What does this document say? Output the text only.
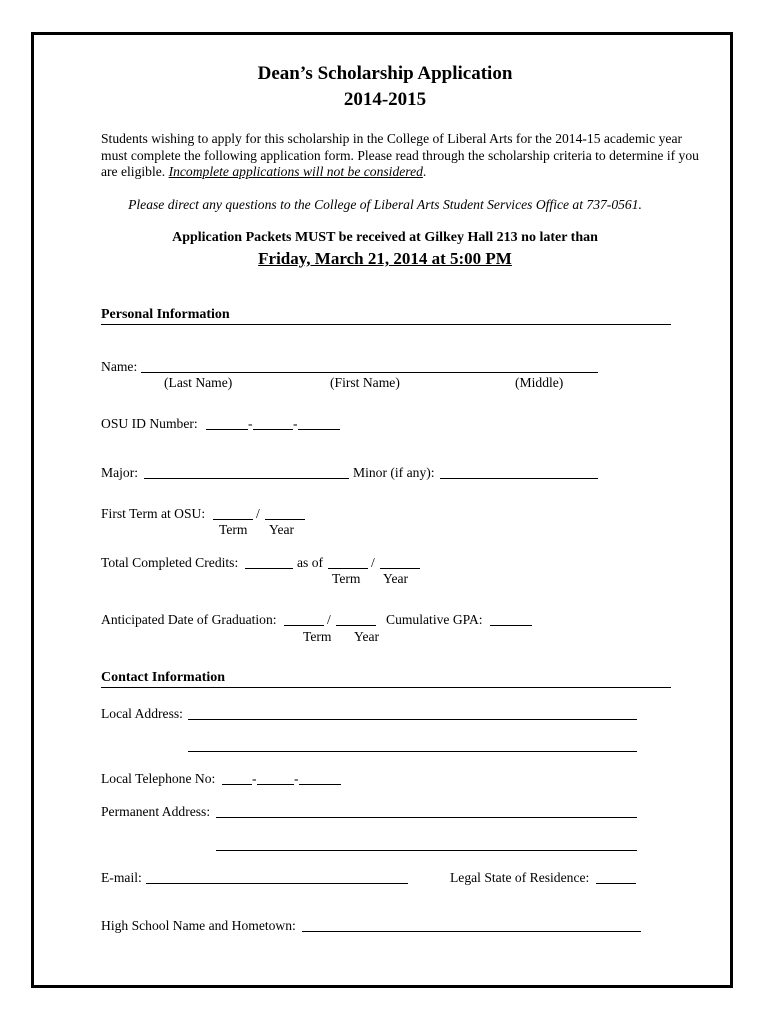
Dean’s Scholarship Application
2014-2015
Students wishing to apply for this scholarship in the College of Liberal Arts for the 2014-15 academic year must complete the following application form. Please read through the scholarship criteria to determine if you are eligible. Incomplete applications will not be considered.
Please direct any questions to the College of Liberal Arts Student Services Office at 737-0561.
Application Packets MUST be received at Gilkey Hall 213 no later than
Friday, March 21, 2014 at 5:00 PM
Personal Information
Name:
(Last Name)	(First Name)	(Middle)
OSU ID Number:	-	-
Major:	Minor (if any):
First Term at OSU:	/
Term Year
Total Completed Credits:	as of	/
Term Year
Anticipated Date of Graduation:	/	Cumulative GPA:
Term Year
Contact Information
Local Address:
Local Telephone No:	-	-
Permanent Address:
E-mail:	Legal State of Residence:
High School Name and Hometown:
